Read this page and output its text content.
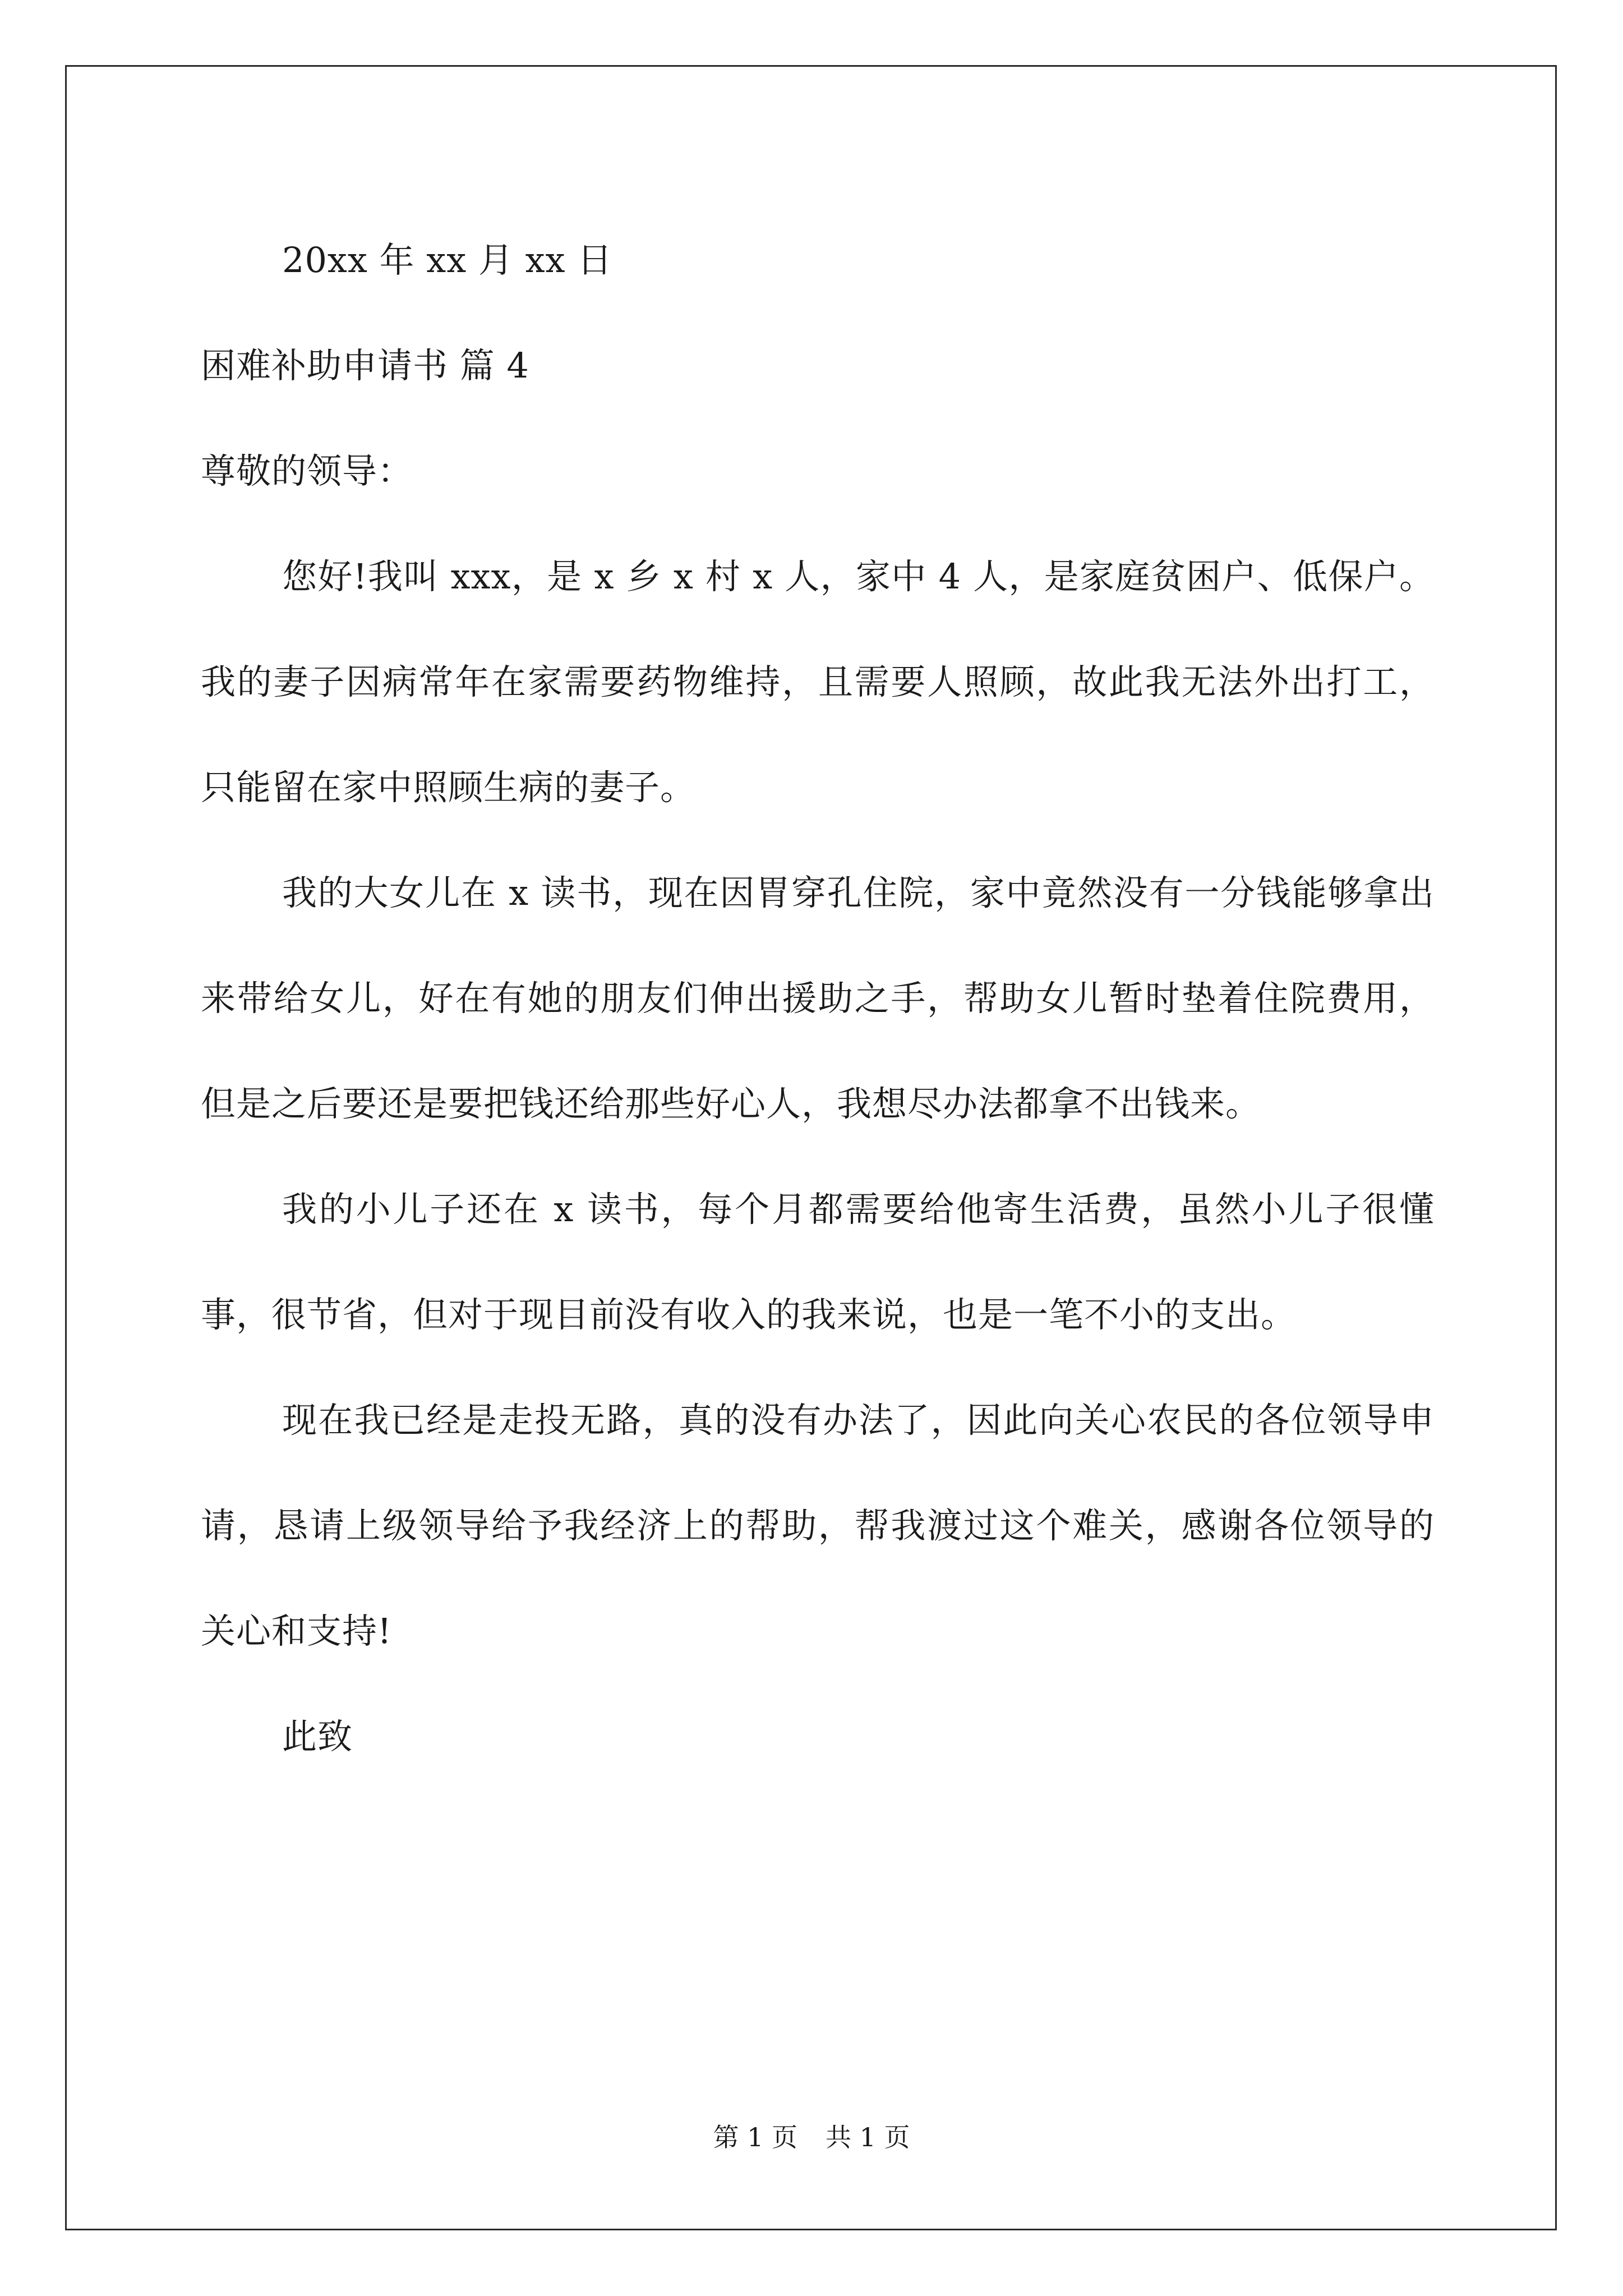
20xx 年 xx 月 xx 日
困难补助申请书 篇 4
尊敬的领导：

您好!我叫 xxx，是 x 乡 x 村 x 人，家中 4 人，是家庭贫困户、低保户。 我的妻子因病常年在家需要药物维持，且需要人照顾，故此我无法外出打工，只能留在家中照顾生病的妻子。

我的大女儿在 x 读书，现在因胃穿孔住院，家中竟然没有一分钱能够拿出来带给女儿，好在有她的朋友们伸出援助之手，帮助女儿暂时垫着住院费用，但是之后要还是要把钱还给那些好心人，我想尽办法都拿不出钱来。

我的小儿子还在 x 读书，每个月都需要给他寄生活费，虽然小儿子很懂事，很节省，但对于现目前没有收入的我来说，也是一笔不小的支出。

现在我已经是走投无路，真的没有办法了，因此向关心农民的各位领导申请，恳请上级领导给予我经济上的帮助，帮我渡过这个难关，感谢各位领导的关心和支持!

此致
第 1 页 共 1 页
